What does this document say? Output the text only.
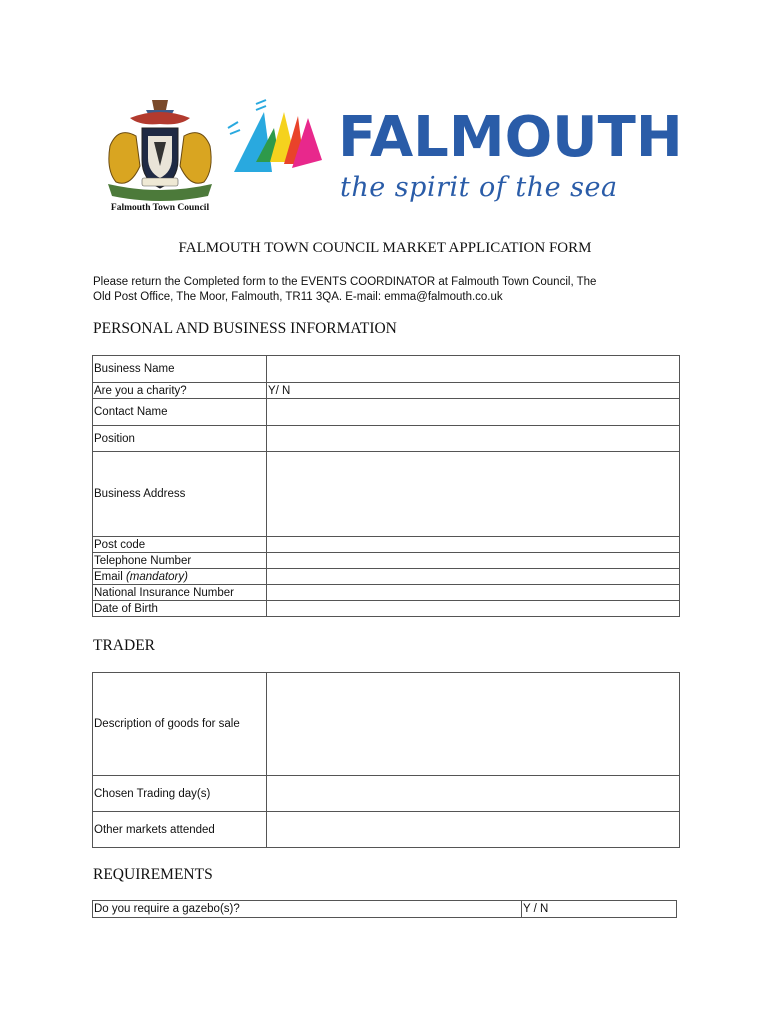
Falmouth Town Council
FALMOUTH
the spirit of the sea
FALMOUTH TOWN COUNCIL MARKET APPLICATION FORM
Please return the Completed form to the EVENTS COORDINATOR at Falmouth Town Council, The
Old Post Office, The Moor, Falmouth, TR11 3QA. E-mail: emma@falmouth.co.uk
PERSONAL AND BUSINESS INFORMATION
Business Name	
Are you a charity?	Y/ N
Contact Name	
Position	
Business Address	
Post code	
Telephone Number	
Email (mandatory)	
National Insurance Number	
Date of Birth	
TRADER
Description of goods for sale	
Chosen Trading day(s)	
Other markets attended	
REQUIREMENTS
Do you require a gazebo(s)?	Y / N
